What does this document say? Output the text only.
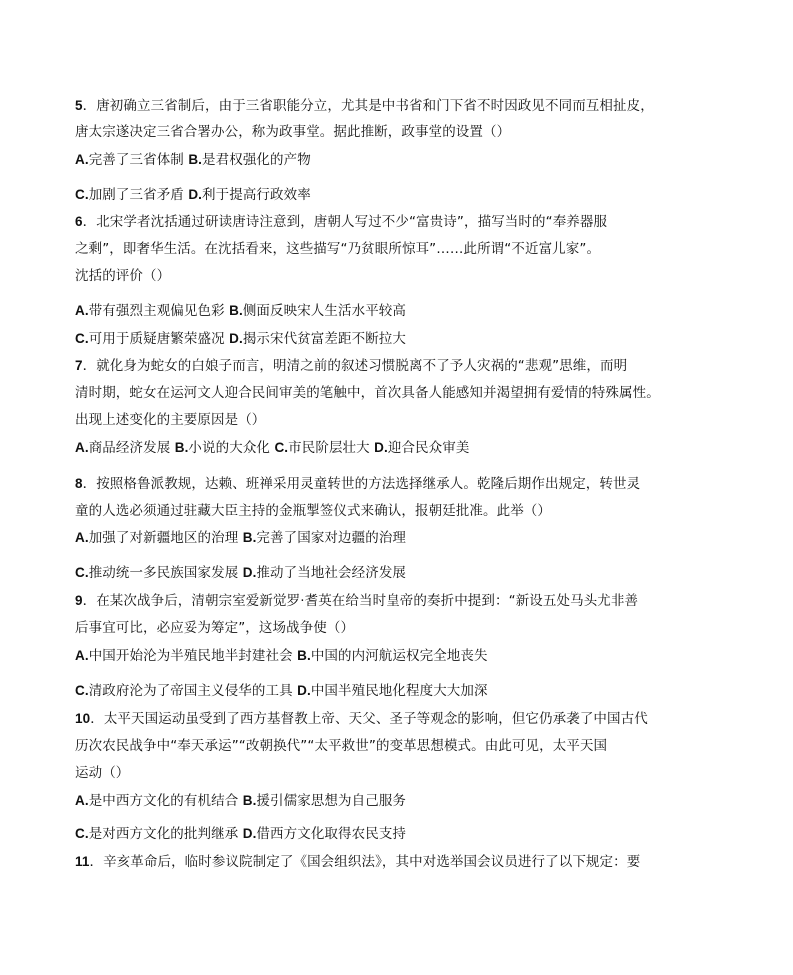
5．唐初确立三省制后，由于三省职能分立，尤其是中书省和门下省不时因政见不同而互相扯皮，
唐太宗遂决定三省合署办公，称为政事堂。据此推断，政事堂的设置（）
A.完善了三省体制 B.是君权强化的产物
C.加剧了三省矛盾 D.利于提高行政效率
6．北宋学者沈括通过研读唐诗注意到，唐朝人写过不少“富贵诗”，描写当时的“奉养器服
之剩”，即奢华生活。在沈括看来，这些描写“乃贫眼所惊耳”……此所谓“不近富儿家”。
沈括的评价（）
A.带有强烈主观偏见色彩 B.侧面反映宋人生活水平较高
C.可用于质疑唐繁荣盛况 D.揭示宋代贫富差距不断拉大
7．就化身为蛇女的白娘子而言，明清之前的叙述习惯脱离不了予人灾祸的“悲观”思维，而明
清时期，蛇女在运河文人迎合民间审美的笔触中，首次具备人能感知并渴望拥有爱情的特殊属性。
出现上述变化的主要原因是（）
A.商品经济发展 B.小说的大众化 C.市民阶层壮大 D.迎合民众审美
8．按照格鲁派教规，达赖、班禅采用灵童转世的方法选择继承人。乾隆后期作出规定，转世灵
童的人选必须通过驻藏大臣主持的金瓶掣签仪式来确认，报朝廷批准。此举（）
A.加强了对新疆地区的治理 B.完善了国家对边疆的治理
C.推动统一多民族国家发展 D.推动了当地社会经济发展
9．在某次战争后，清朝宗室爱新觉罗·耆英在给当时皇帝的奏折中提到：“新设五处马头尤非善
后事宜可比，必应妥为筹定”，这场战争使（）
A.中国开始沦为半殖民地半封建社会 B.中国的内河航运权完全地丧失
C.清政府沦为了帝国主义侵华的工具 D.中国半殖民地化程度大大加深
10．太平天国运动虽受到了西方基督教上帝、天父、圣子等观念的影响，但它仍承袭了中国古代
历次农民战争中“奉天承运”“改朝换代”“太平救世”的变革思想模式。由此可见，太平天国
运动（）
A.是中西方文化的有机结合 B.援引儒家思想为自己服务
C.是对西方文化的批判继承 D.借西方文化取得农民支持
11．辛亥革命后，临时参议院制定了《国会组织法》，其中对选举国会议员进行了以下规定：要
